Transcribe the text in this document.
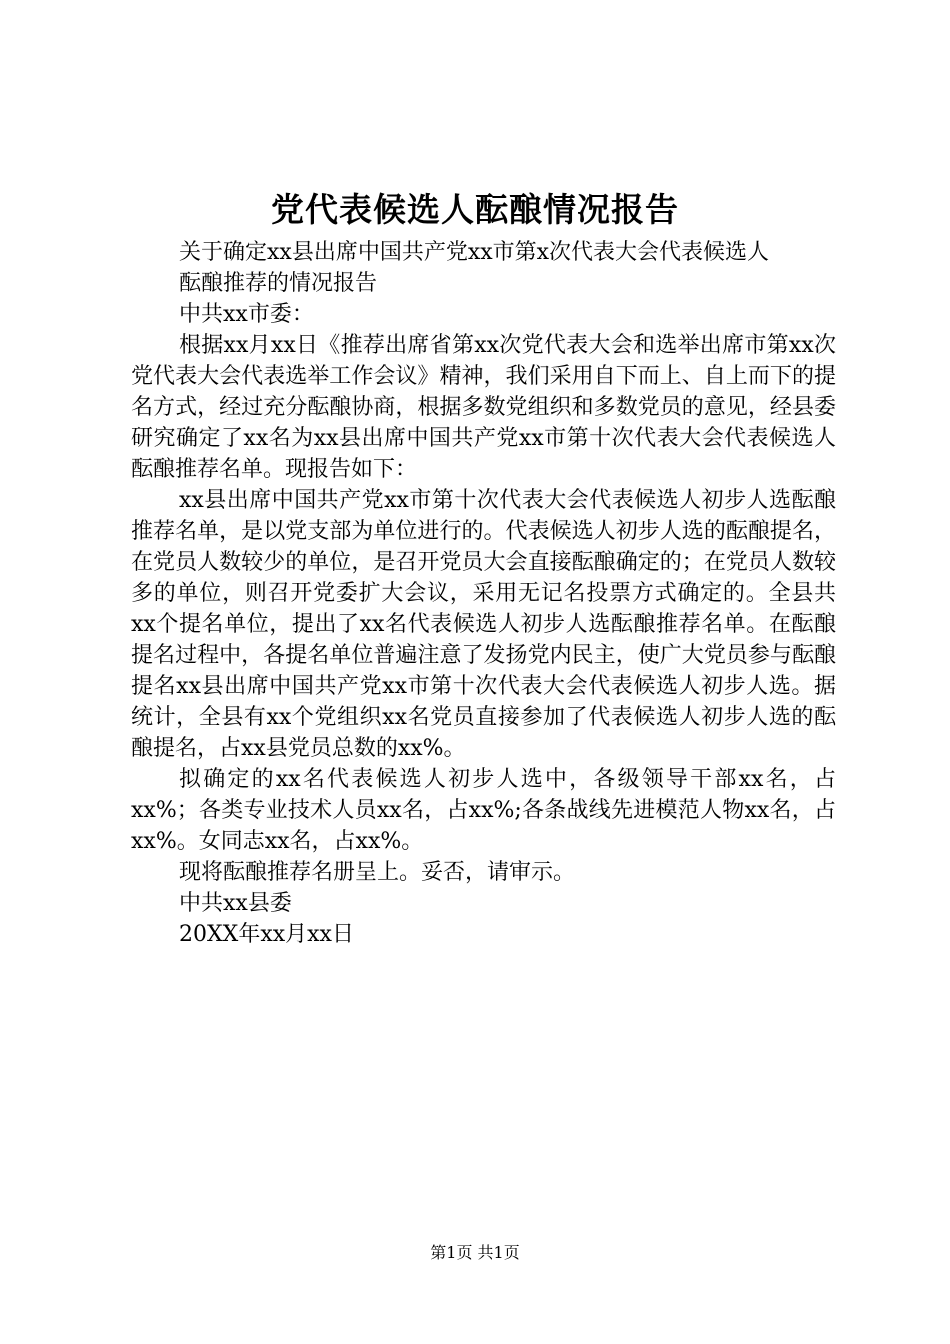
党代表候选人酝酿情况报告

关于确定xx县出席中国共产党xx市第x次代表大会代表候选人

酝酿推荐的情况报告

中共xx市委：

根据xx月xx日《推荐出席省第xx次党代表大会和选举出席市第xx次党代表大会代表选举工作会议》精神，我们采用自下而上、自上而下的提名方式，经过充分酝酿协商，根据多数党组织和多数党员的意见，经县委研究确定了xx名为xx县出席中国共产党xx市第十次代表大会代表候选人酝酿推荐名单。现报告如下：

xx县出席中国共产党xx市第十次代表大会代表候选人初步人选酝酿推荐名单，是以党支部为单位进行的。代表候选人初步人选的酝酿提名，在党员人数较少的单位，是召开党员大会直接酝酿确定的；在党员人数较多的单位，则召开党委扩大会议，采用无记名投票方式确定的。全县共xx个提名单位，提出了xx名代表候选人初步人选酝酿推荐名单。在酝酿提名过程中，各提名单位普遍注意了发扬党内民主，使广大党员参与酝酿提名xx县出席中国共产党xx市第十次代表大会代表候选人初步人选。据统计，全县有xx个党组织xx名党员直接参加了代表候选人初步人选的酝酿提名，占xx县党员总数的xx%。

拟确定的xx名代表候选人初步人选中，各级领导干部xx名，占xx%；各类专业技术人员xx名，占xx%;各条战线先进模范人物xx名，占xx%。女同志xx名，占xx%。

现将酝酿推荐名册呈上。妥否，请审示。

中共xx县委

20XX年xx月xx日

第1页 共1页
